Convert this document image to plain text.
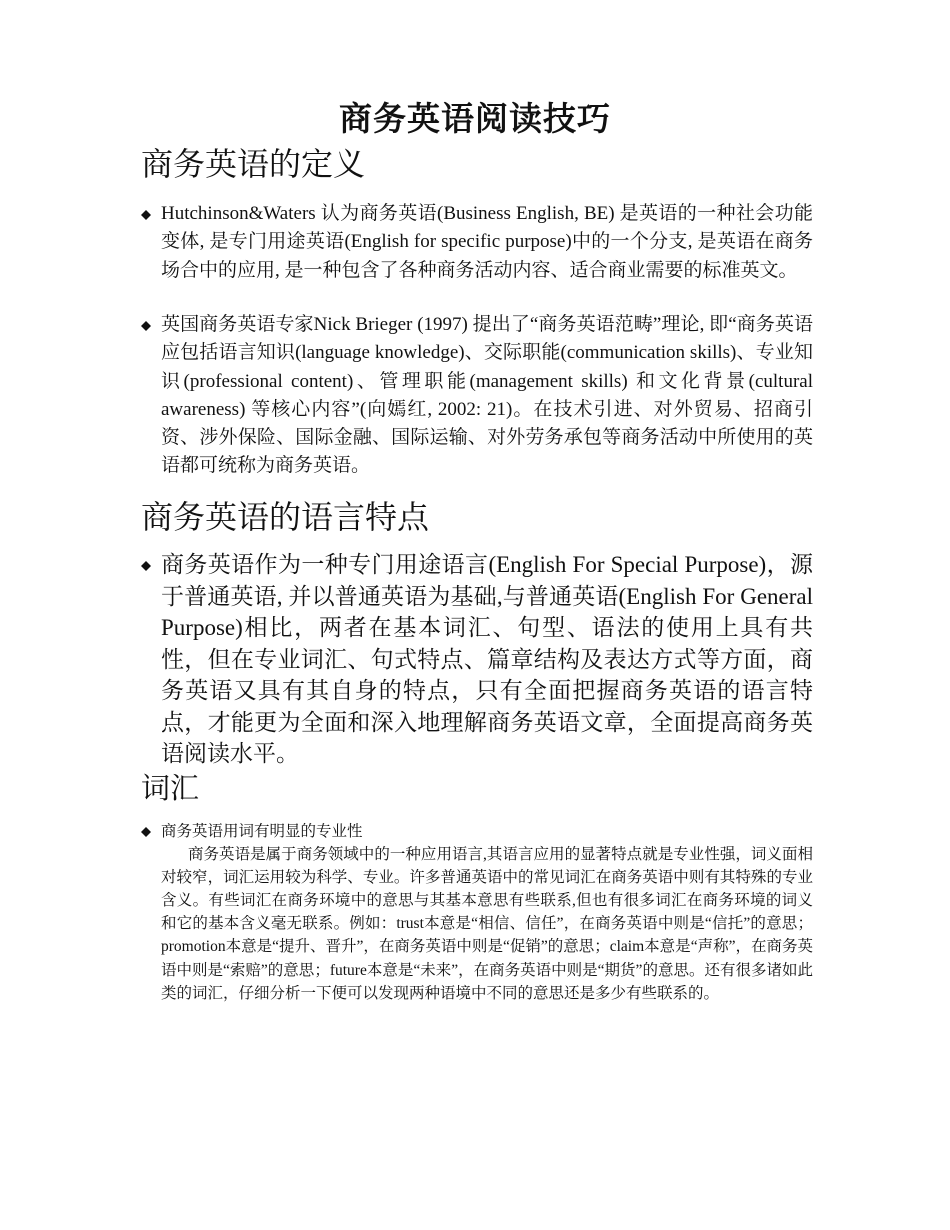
商务英语阅读技巧
商务英语的定义
Hutchinson&Waters 认为商务英语(Business English, BE) 是英语的一种社会功能变体, 是专门用途英语(English for specific purpose)中的一个分支, 是英语在商务场合中的应用, 是一种包含了各种商务活动内容、适合商业需要的标准英文。
英国商务英语专家Nick Brieger (1997) 提出了“商务英语范畴”理论, 即“商务英语应包括语言知识(language knowledge)、交际职能(communication skills)、专业知识(professional content)、管理职能(management skills) 和文化背景(cultural awareness) 等核心内容”(向嫣红, 2002: 21)。在技术引进、对外贸易、招商引资、涉外保险、国际金融、国际运输、对外劳务承包等商务活动中所使用的英语都可统称为商务英语。
商务英语的语言特点
商务英语作为一种专门用途语言(English For Special Purpose)，源于普通英语, 并以普通英语为基础,与普通英语(English For General Purpose)相比，两者在基本词汇、句型、语法的使用上具有共性，但在专业词汇、句式特点、篇章结构及表达方式等方面，商务英语又具有其自身的特点，只有全面把握商务英语的语言特点，才能更为全面和深入地理解商务英语文章，全面提高商务英语阅读水平。
词汇
商务英语用词有明显的专业性
商务英语是属于商务领域中的一种应用语言,其语言应用的显著特点就是专业性强，词义面相对较窄，词汇运用较为科学、专业。许多普通英语中的常见词汇在商务英语中则有其特殊的专业含义。有些词汇在商务环境中的意思与其基本意思有些联系,但也有很多词汇在商务环境的词义和它的基本含义毫无联系。例如：trust本意是“相信、信任”，在商务英语中则是“信托”的意思；promotion本意是“提升、晋升”，在商务英语中则是“促销”的意思；claim本意是“声称”，在商务英语中则是“索赔”的意思；future本意是“未来”，在商务英语中则是“期货”的意思。还有很多诸如此类的词汇，仔细分析一下便可以发现两种语境中不同的意思还是多少有些联系的。
